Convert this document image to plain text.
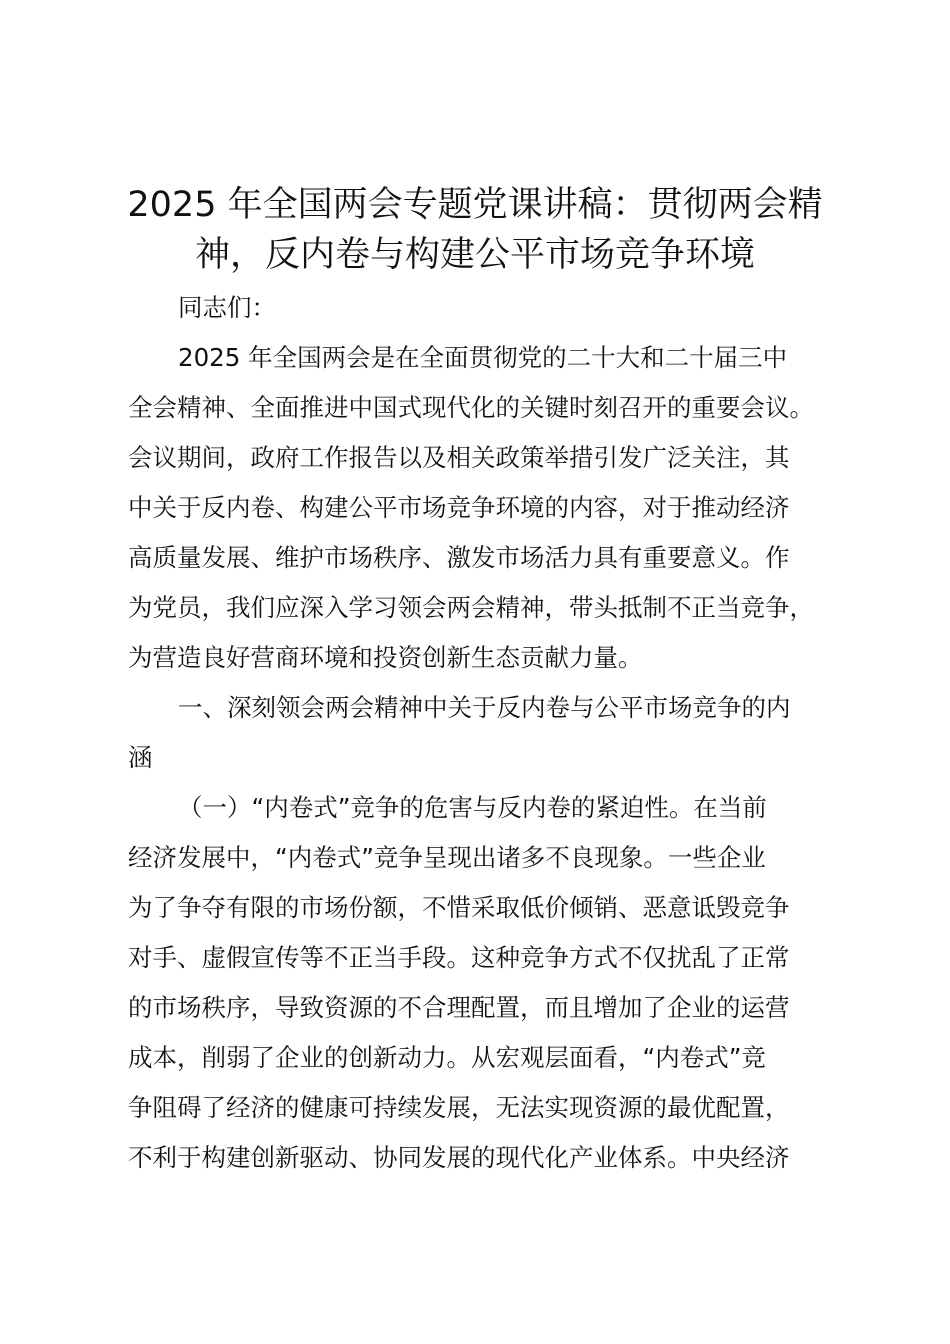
2025 年全国两会专题党课讲稿：贯彻两会精
神，反内卷与构建公平市场竞争环境
同志们：
2025 年全国两会是在全面贯彻党的二十大和二十届三中
全会精神、全面推进中国式现代化的关键时刻召开的重要会议。
会议期间，政府工作报告以及相关政策举措引发广泛关注，其
中关于反内卷、构建公平市场竞争环境的内容，对于推动经济
高质量发展、维护市场秩序、激发市场活力具有重要意义。作
为党员，我们应深入学习领会两会精神，带头抵制不正当竞争，
为营造良好营商环境和投资创新生态贡献力量。
一、深刻领会两会精神中关于反内卷与公平市场竞争的内
涵
（一）“内卷式”竞争的危害与反内卷的紧迫性。在当前
经济发展中，“内卷式”竞争呈现出诸多不良现象。一些企业
为了争夺有限的市场份额，不惜采取低价倾销、恶意诋毁竞争
对手、虚假宣传等不正当手段。这种竞争方式不仅扰乱了正常
的市场秩序，导致资源的不合理配置，而且增加了企业的运营
成本，削弱了企业的创新动力。从宏观层面看，“内卷式”竞
争阻碍了经济的健康可持续发展，无法实现资源的最优配置，
不利于构建创新驱动、协同发展的现代化产业体系。中央经济
